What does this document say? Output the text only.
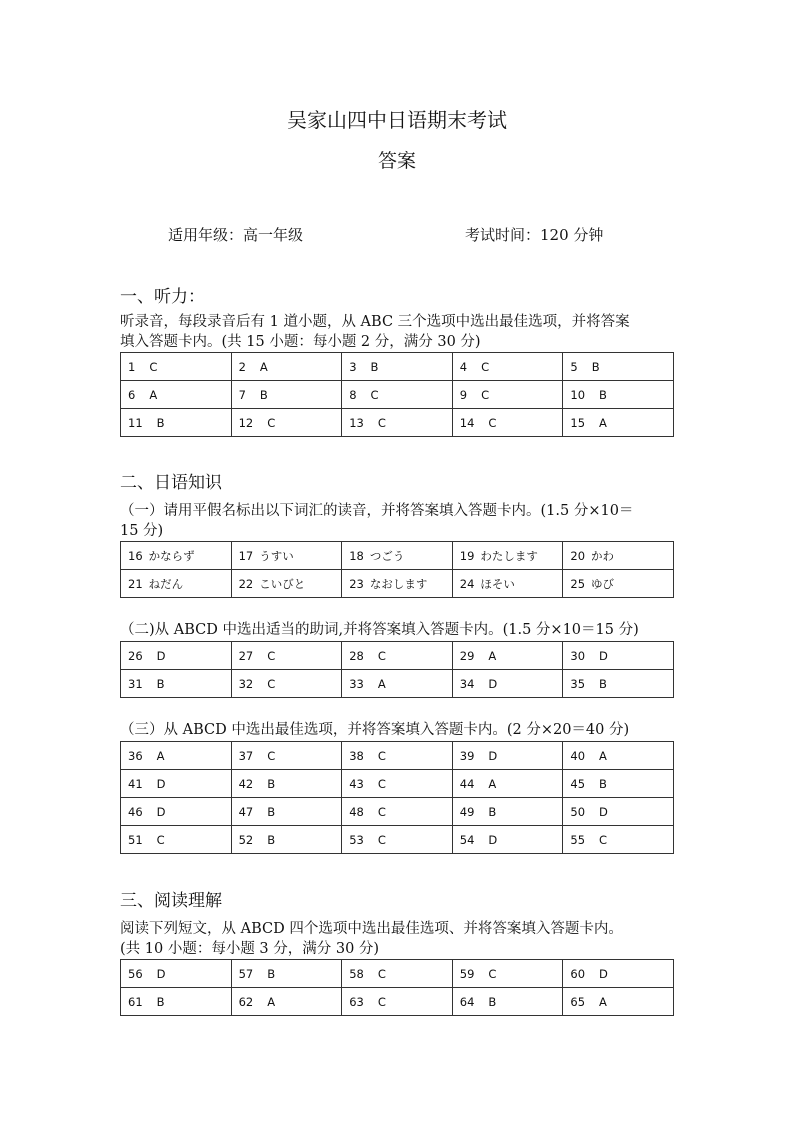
吴家山四中日语期末考试
答案
适用年级：高一年级	考试时间：120 分钟
一、听力：
听录音，每段录音后有 1 道小题，从 ABC 三个选项中选出最佳选项，并将答案
填入答题卡内。(共 15 小题：每小题 2 分，满分 30 分)
1 C	2 A	3 B	4 C	5 B
6 A	7 B	8 C	9 C	10 B
11 B	12 C	13 C	14 C	15 A
二、日语知识
（一）请用平假名标出以下词汇的读音，并将答案填入答题卡内。(1.5 分×10＝
15 分)
16 かならず	17 うすい	18 つごう	19 わたします	20 かわ
21 ねだん	22 こいびと	23 なおします	24 ほそい	25 ゆび
（二)从 ABCD 中选出适当的助词,并将答案填入答题卡内。(1.5 分×10＝15 分)
26 D	27 C	28 C	29 A	30 D
31 B	32 C	33 A	34 D	35 B
（三）从 ABCD 中选出最佳选项，并将答案填入答题卡内。(2 分×20＝40 分)
36 A	37 C	38 C	39 D	40 A
41 D	42 B	43 C	44 A	45 B
46 D	47 B	48 C	49 B	50 D
51 C	52 B	53 C	54 D	55 C
三、阅读理解
阅读下列短文，从 ABCD 四个选项中选出最佳选项、并将答案填入答题卡内。
(共 10 小题：每小题 3 分，满分 30 分)
56 D	57 B	58 C	59 C	60 D
61 B	62 A	63 C	64 B	65 A
